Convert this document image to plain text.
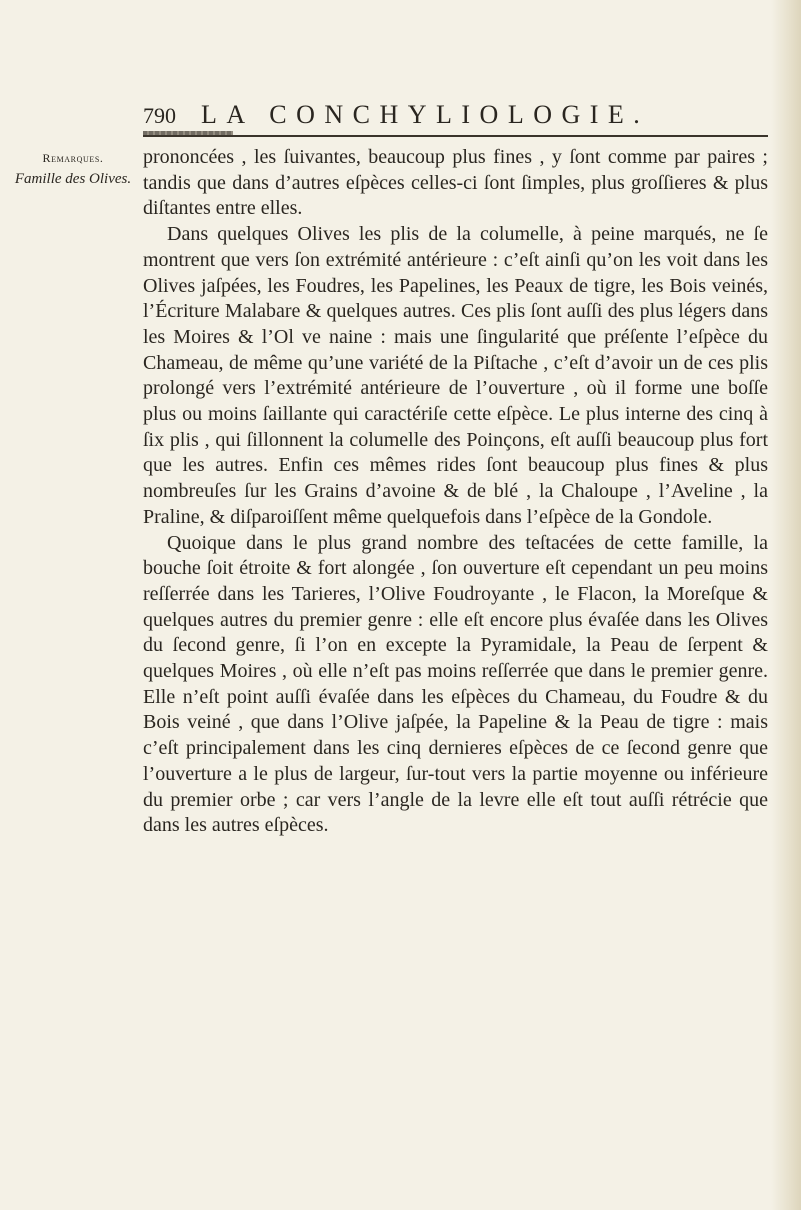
790 LA CONCHYLIOLOGIE.
Remarques.
Famille des Olives.

prononcées , les ſuivantes, beaucoup plus fines , y ſont comme par paires ; tandis que dans d’autres eſpèces celles-ci ſont ſimples, plus groſſieres & plus diſtantes entre elles.

Dans quelques Olives les plis de la columelle, à peine marqués, ne ſe montrent que vers ſon extrémité antérieure : c’eſt ainſi qu’on les voit dans les Olives jaſpées, les Foudres, les Papelines, les Peaux de tigre, les Bois veinés, l’Écriture Malabare & quelques autres. Ces plis ſont auſſi des plus légers dans les Moires & l’Ol ve naine : mais une ſingularité que préſente l’eſpèce du Chameau, de même qu’une variété de la Piſtache , c’eſt d’avoir un de ces plis prolongé vers l’extrémité antérieure de l’ouverture , où il forme une boſſe plus ou moins ſaillante qui caractériſe cette eſpèce. Le plus interne des cinq à ſix plis , qui ſillonnent la columelle des Poinçons, eſt auſſi beaucoup plus fort que les autres. Enfin ces mêmes rides ſont beaucoup plus fines & plus nombreuſes ſur les Grains d’avoine & de blé , la Chaloupe , l’Aveline , la Praline, & diſparoiſſent même quelquefois dans l’eſpèce de la Gondole.

Quoique dans le plus grand nombre des teſtacées de cette famille, la bouche ſoit étroite & fort alongée , ſon ouverture eſt cependant un peu moins reſſerrée dans les Tarieres, l’Olive Foudroyante , le Flacon, la Moreſque & quelques autres du premier genre : elle eſt encore plus évaſée dans les Olives du ſecond genre, ſi l’on en excepte la Pyramidale, la Peau de ſerpent & quelques Moires , où elle n’eſt pas moins reſſerrée que dans le premier genre. Elle n’eſt point auſſi évaſée dans les eſpèces du Chameau, du Foudre & du Bois veiné , que dans l’Olive jaſpée, la Papeline & la Peau de tigre : mais c’eſt principalement dans les cinq dernieres eſpèces de ce ſecond genre que l’ouverture a le plus de largeur, ſur-tout vers la partie moyenne ou inférieure du premier orbe ; car vers l’angle de la levre elle eſt tout auſſi rétrécie que dans les autres eſpèces.
